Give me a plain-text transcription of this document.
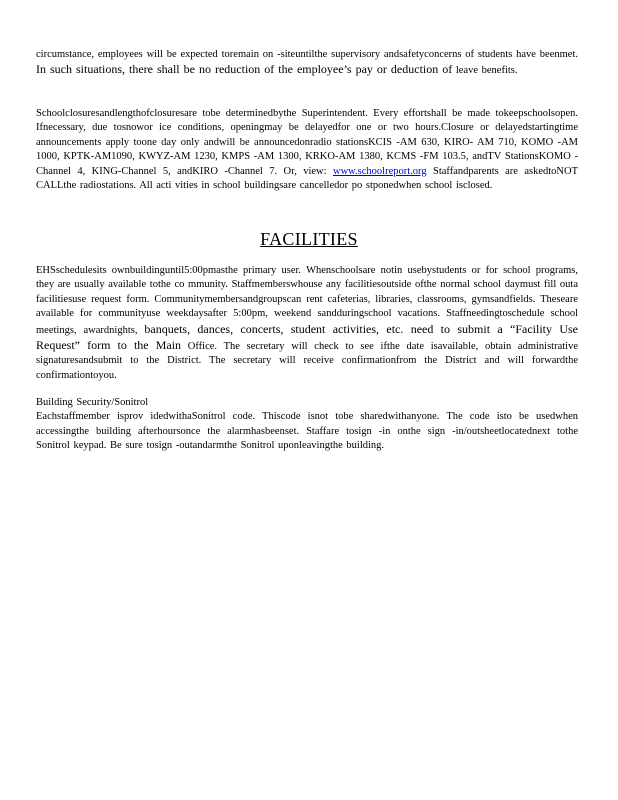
circumstance, employees will be expected toremain on -siteuntilthe supervisory andsafetyconcerns of students have beenmet. In such situations, there shall be no reduction of the employee’s pay or deduction of leave benefits.

Schoolclosuresandlengthofclosuresare tobe determinedbythe Superintendent. Every effortshall be made tokeepschoolsopen. Ifnecessary, due tosnowor ice conditions, openingmay be delayedfor one or two hours.Closure or delayedstartingtime announcements apply toone day only andwill be announcedonradio stationsKCIS -AM 630, KIRO- AM 710, KOMO -AM 1000, KPTK-AM1090, KWYZ-AM 1230, KMPS -AM 1300, KRKO-AM 1380, KCMS -FM 103.5, andTV StationsKOMO - Channel 4, KING-Channel 5, andKIRO -Channel 7. Or, view: www.schoolreport.org Staffandparents are askedtoNOT CALLthe radiostations. All acti vities in school buildingsare cancelledor po stponedwhen school isclosed.

FACILITIES

EHSschedulesits ownbuildinguntil5:00pmasthe primary user. Whenschoolsare notin usebystudents or for school programs, they are usually available tothe co mmunity. Staffmemberswhouse any facilitiesoutside ofthe normal school daymust fill outa facilitiesuse request form. Communitymembersandgroupscan rent cafeterias, libraries, classrooms, gymsandfields. Theseare available for communityuse weekdaysafter 5:00pm, weekend sandduringschool vacations. Staffneedingtoschedule school meetings, awardnights, banquets, dances, concerts, student activities, etc. need to submit a “Facility Use Request” form to the Main Office. The secretary will check to see ifthe date isavailable, obtain administrative signaturesandsubmit to the District. The secretary will receive confirmationfrom the District and will forwardthe confirmationtoyou.

Building Security/Sonitrol

Eachstaffmember isprov idedwithaSonitrol code. Thiscode isnot tobe sharedwithanyone. The code isto be usedwhen accessingthe building afterhoursonce the alarmhasbeenset. Staffare tosign -in onthe sign -in/outsheetlocatednext tothe Sonitrol keypad. Be sure tosign -outandarmthe Sonitrol uponleavingthe building.
